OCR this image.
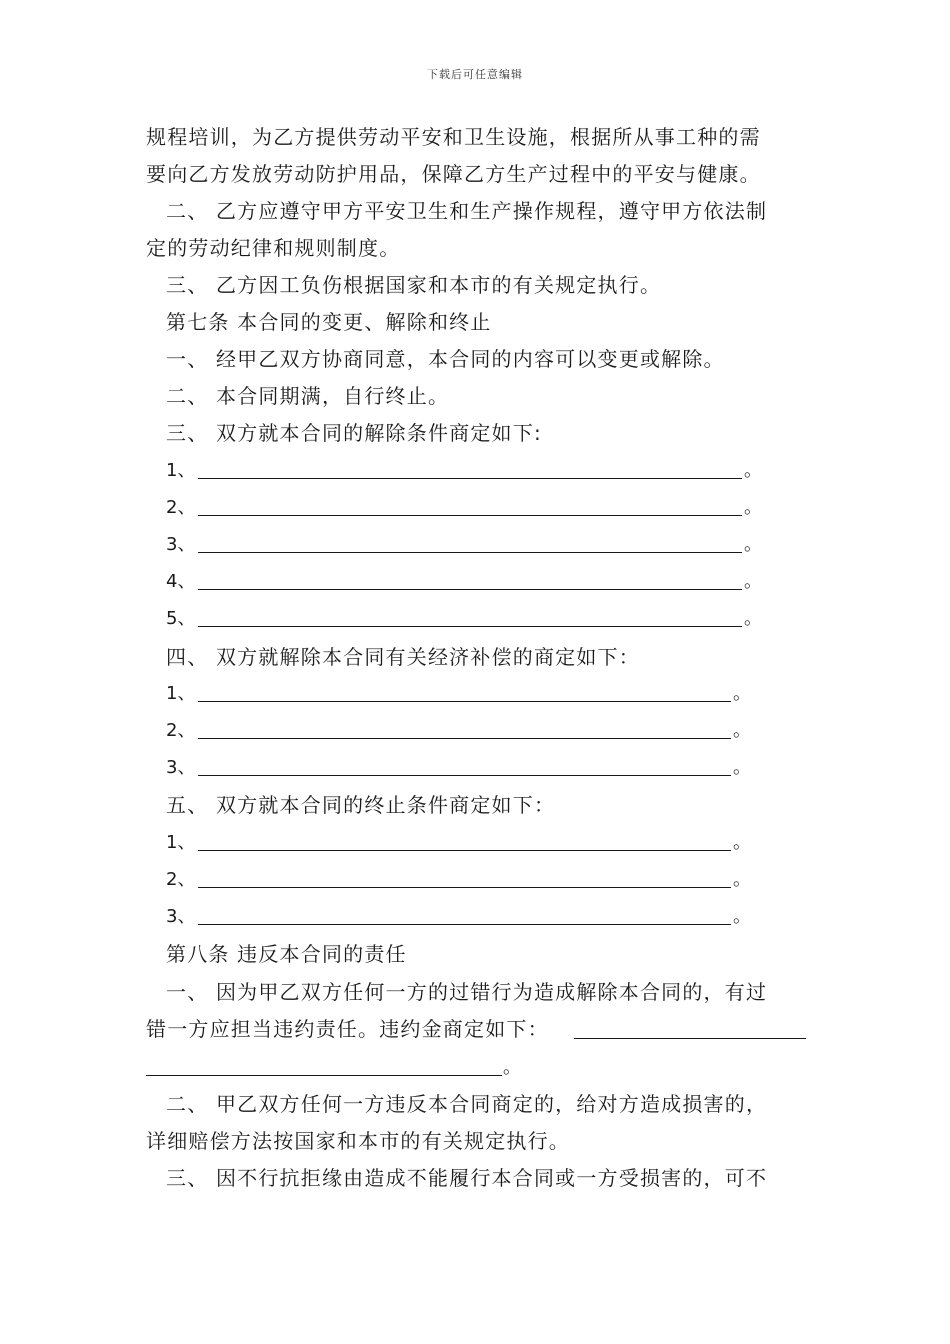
下载后可任意编辑
规程培训，为乙方提供劳动平安和卫生设施，根据所从事工种的需
要向乙方发放劳动防护用品，保障乙方生产过程中的平安与健康。
二、 乙方应遵守甲方平安卫生和生产操作规程，遵守甲方依法制
定的劳动纪律和规则制度。
三、 乙方因工负伤根据国家和本市的有关规定执行。
第七条 本合同的变更、解除和终止
一、 经甲乙双方协商同意，本合同的内容可以变更或解除。
二、 本合同期满，自行终止。
三、 双方就本合同的解除条件商定如下:
1、	。
2、	。
3、	。
4、	。
5、	。
四、 双方就解除本合同有关经济补偿的商定如下：
1、	。
2、	。
3、	。
五、 双方就本合同的终止条件商定如下：
1、	。
2、	。
3、	。
第八条 违反本合同的责任
一、 因为甲乙双方任何一方的过错行为造成解除本合同的，有过
错一方应担当违约责任。违约金商定如下：
。
二、 甲乙双方任何一方违反本合同商定的，给对方造成损害的，
详细赔偿方法按国家和本市的有关规定执行。
三、 因不行抗拒缘由造成不能履行本合同或一方受损害的，可不
